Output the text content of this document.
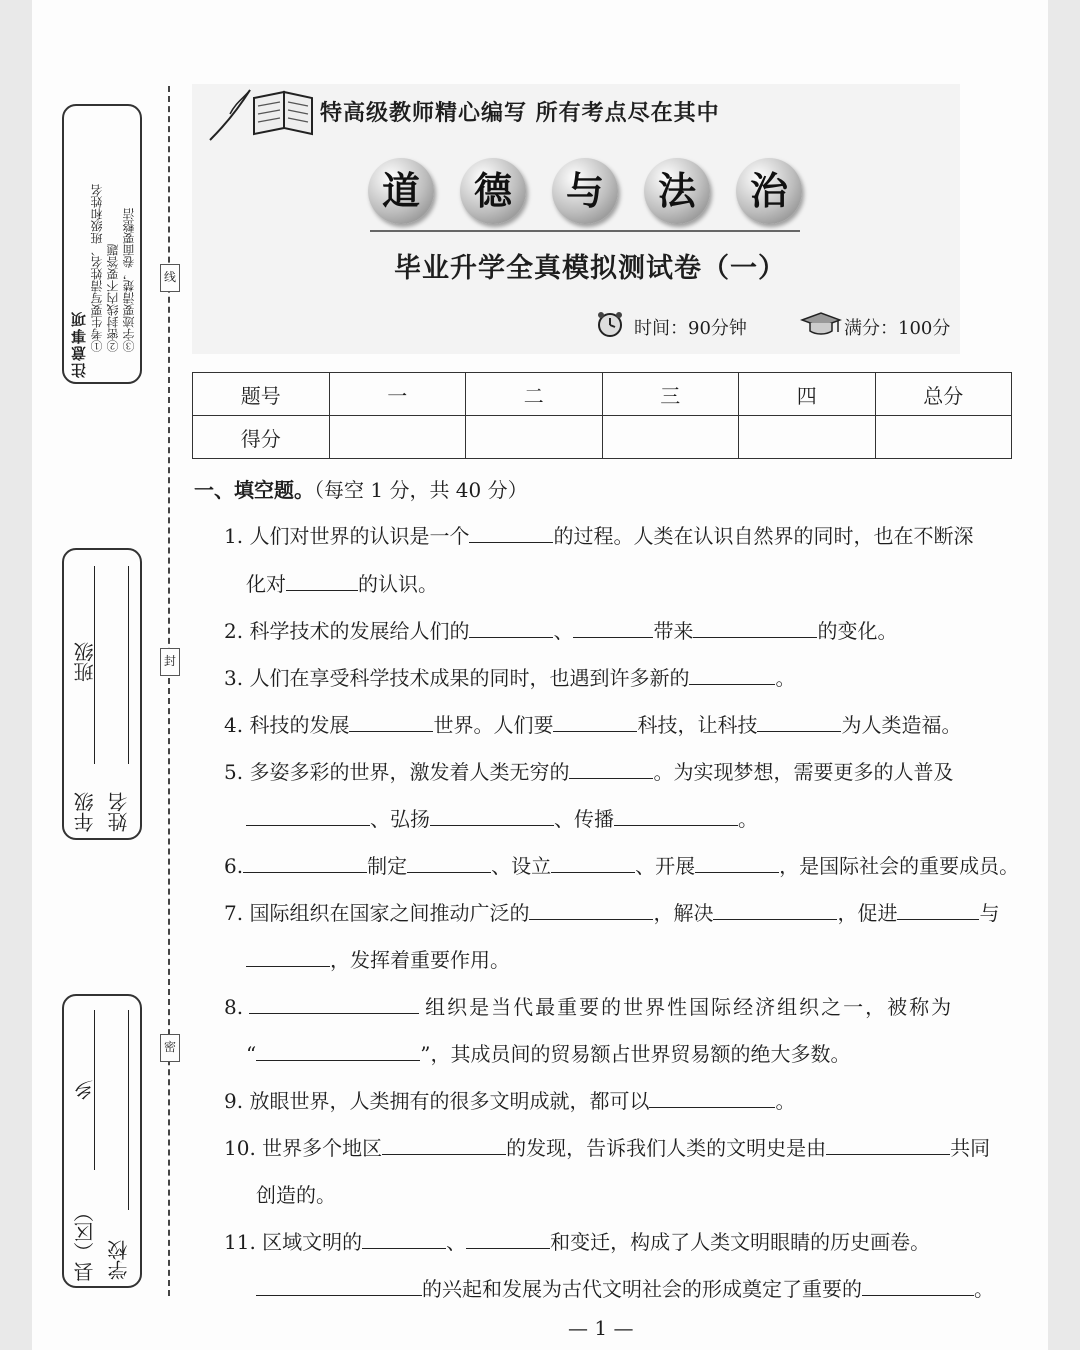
注意事项 ①考生要写清姓名、班级和姓名 ②密封线内不要答题 ③字迹要清楚，卷面要整洁
年级
班级
姓名
县（区）
乡
学校
线
封
密
特高级教师精心编写 所有考点尽在其中
道	德	与	法	治
毕业升学全真模拟测试卷（一）
时间：90分钟	满分：100分
题号	一	二	三	四	总分
得分					
一、填空题。（每空 1 分，共 40 分）
1. 人们对世界的认识是一个	的过程。人类在认识自然界的同时，也在不断深
化对	的认识。
2. 科学技术的发展给人们的	、	带来	的变化。
3. 人们在享受科学技术成果的同时，也遇到许多新的	。
4. 科技的发展	世界。人们要	科技，让科技	为人类造福。
5. 多姿多彩的世界，激发着人类无穷的	。为实现梦想，需要更多的人普及
、弘扬	、传播	。
6.	制定	、设立	、开展	，是国际社会的重要成员。
7. 国际组织在国家之间推动广泛的	，解决	，促进	与
，发挥着重要作用。
8.	组织是当代最重要的世界性国际经济组织之一，被称为
“	”，其成员间的贸易额占世界贸易额的绝大多数。
9. 放眼世界，人类拥有的很多文明成就，都可以	。
10. 世界多个地区	的发现，告诉我们人类的文明史是由	共同
创造的。
11. 区域文明的	、	和变迁，构成了人类文明眼睛的历史画卷。
的兴起和发展为古代文明社会的形成奠定了重要的	。
— 1 —
